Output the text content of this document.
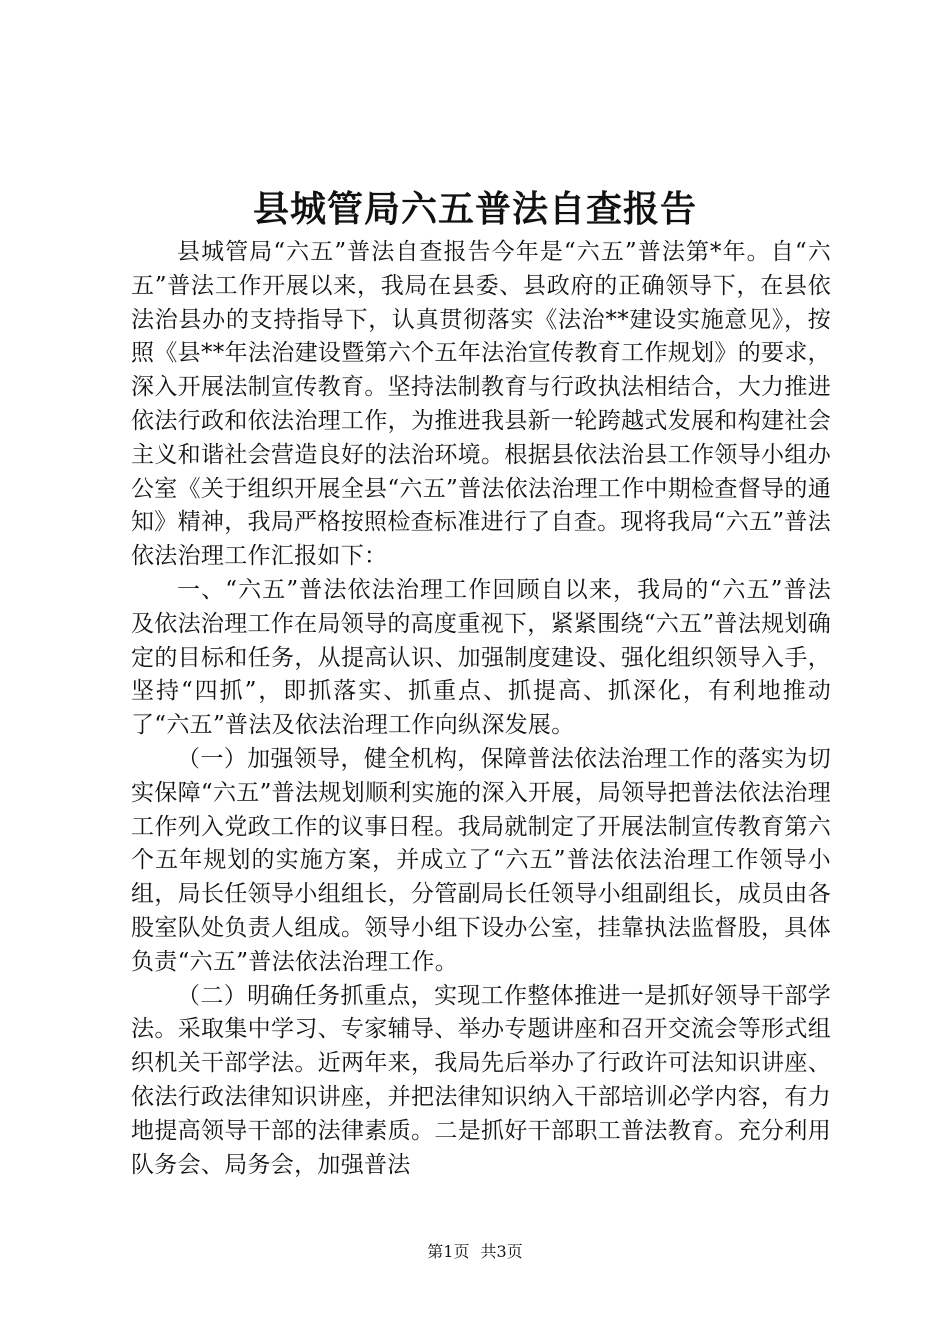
县城管局六五普法自查报告

县城管局“六五”普法自查报告今年是“六五”普法第*年。自“六五”普法工作开展以来，我局在县委、县政府的正确领导下，在县依法治县办的支持指导下，认真贯彻落实《法治**建设实施意见》，按照《县**年法治建设暨第六个五年法治宣传教育工作规划》的要求，深入开展法制宣传教育。坚持法制教育与行政执法相结合，大力推进依法行政和依法治理工作，为推进我县新一轮跨越式发展和构建社会主义和谐社会营造良好的法治环境。根据县依法治县工作领导小组办公室《关于组织开展全县“六五”普法依法治理工作中期检查督导的通知》精神，我局严格按照检查标准进行了自查。现将我局“六五”普法依法治理工作汇报如下：

一、“六五”普法依法治理工作回顾自以来，我局的“六五”普法及依法治理工作在局领导的高度重视下，紧紧围绕“六五”普法规划确定的目标和任务，从提高认识、加强制度建设、强化组织领导入手，坚持“四抓”，即抓落实、抓重点、抓提高、抓深化，有利地推动了“六五”普法及依法治理工作向纵深发展。

（一）加强领导，健全机构，保障普法依法治理工作的落实为切实保障“六五”普法规划顺利实施的深入开展，局领导把普法依法治理工作列入党政工作的议事日程。我局就制定了开展法制宣传教育第六个五年规划的实施方案，并成立了“六五”普法依法治理工作领导小组，局长任领导小组组长，分管副局长任领导小组副组长，成员由各股室队处负责人组成。领导小组下设办公室，挂靠执法监督股，具体负责“六五”普法依法治理工作。

（二）明确任务抓重点，实现工作整体推进一是抓好领导干部学法。采取集中学习、专家辅导、举办专题讲座和召开交流会等形式组织机关干部学法。近两年来，我局先后举办了行政许可法知识讲座、依法行政法律知识讲座，并把法律知识纳入干部培训必学内容，有力地提高领导干部的法律素质。二是抓好干部职工普法教育。充分利用队务会、局务会，加强普法

第1页 共3页
